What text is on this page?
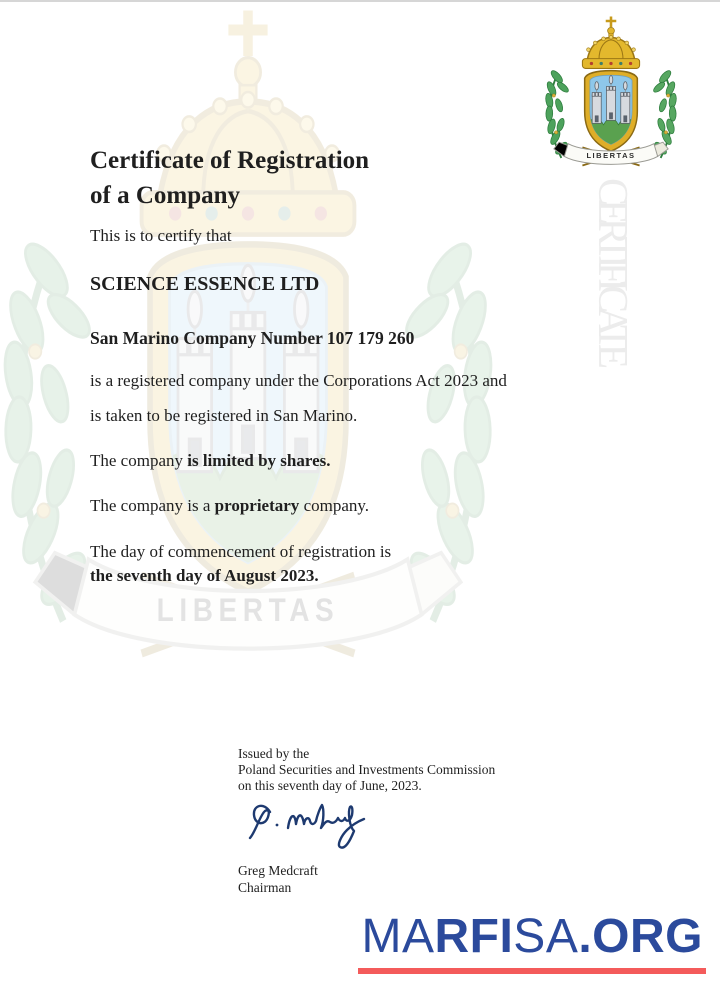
CERTIFICATE
Certificate of Registration
of a Company
This is to certify that
SCIENCE ESSENCE LTD
San Marino Company Number 107 179 260
is a registered company under the Corporations Act 2023 and
is taken to be registered in San Marino.
The company is limited by shares.
The company is a proprietary company.
The day of commencement of registration is
the seventh day of August 2023.
Issued by the
Poland Securities and Investments Commission
on this seventh day of June, 2023.
Greg Medcraft
Chairman
MARFISA.ORG
